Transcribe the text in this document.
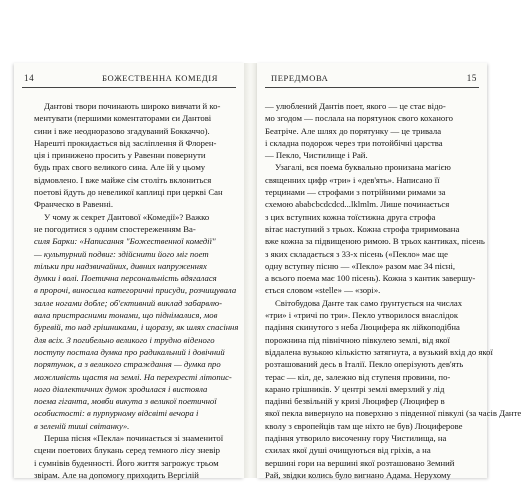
14	БОЖЕСТВЕННА КОМЕДІЯ
Дантові твори починають широко вивчати й ко-
ментувати (першими коментаторами єи Дантові
сини і вже неодноразово згадуваний Боккаччо).
Нарешті прокидається від засліплення й Флорен-
ція і принижено просить у Равенни повернути
будь прах свого великого сина. Але їй у цьому
відмовлено. І вже майже сім століть вклониться
поетові йдуть до невеликої каплиці при церкві Сан
Франческо в Равенні.
У чому ж секрет Дантової «Комедії»? Важко
не погодитися з одним спостереженням Ва-
силя Барки: «Написання "Божественної комедії"
— культурний подвиг: здійснити його міг поет
тільки при надзвичайних, дивних напруженнях
думки і волі. Поетична персональність вдягалася
в пророчі, виносила категоричні присуди, розчищувала
залле ногами добле; об'єктивний виклад забарвлю-
вала пристрасними тонами, що піднімалися, мов
буревій, то над грішниками, і щоразу, як шлях спасіння
для всіх. З погибельно великого і трудно віденого
поступу постала думка про радикальний і довічний
порятунок, а з великого страждання — думка про
можливість щастя на землі. На перехресті літопис-
ного діалектичних думок зродилася і вистояла
поема гіганта, мовби викута з великої поетичної
особистості: в пурпурному відсвіті вечора і
в зеленій тиші світанку».
Перша пісня «Пекла» починається зі знаменитої
сцени поетових блукань серед темного лісу зневір
і сумнівів буденності. Його життя загрожує трьом
звірам. Але на допомогу приходить Вергілій
ПЕРЕДМОВА	15
— улюблений Дантів поет, якого — це стає відо-
мо згодом — послала на порятунок свого коханого
Беатріче. Але шлях до порятунку — це тривала
і складна подорож через три потойбічні царства
— Пекло, Чистилище і Рай.
Узагалі, вся поема буквально пронизана магією
священних цифр «три» і «дев'ять». Написано її
терцинами — строфами з потрійними римами за
схемою ababcbcdcdcd...lklmlm. Лише починається
з цих вступних кожна тоїстижна друга строфа
вітає наступний з трьох. Кожна строфа триримована
вже кожна за підвищеною римою. В трьох кантиках, пісень
з яких складається з 33-х пісень («Пекло» має ще
одну вступну пісню — «Пекло» разом має 34 пісні,
а всього поема має 100 пісень). Кожна з кантик завершу-
ється словом «stelle» — «зорі».
Світобудова Данте так само ґрунтується на числах
«три» і «тричі по три». Пекло утворилося внаслідок
падіння скинутого з неба Люцифера як лійкоподібна
порожнина під північною півкулею землі, від якої
віддалена вузькою кількістю затягнута, а вузький вхід до якої
розташований десь в Італії. Пекло оперізують дев'ять
терас — кіл, де, залежно від ступеня провини, по-
карано грішників. У центрі землі вмерзлий у лід
падінні безвільній у кризі Люцифер (Люцифер в
якої пекла вивернуло на поверхню з південної півкулі (за часів Данте
кволу з європейців там ще ніхто не був) Люциферове
падіння утворило височенну гору Чистилища, на
схилах якої душі очищуються від гріхів, а на
вершині гори на вершині якої розташовано Земний
Рай, звідки колись було вигнано Адама. Нерухому
